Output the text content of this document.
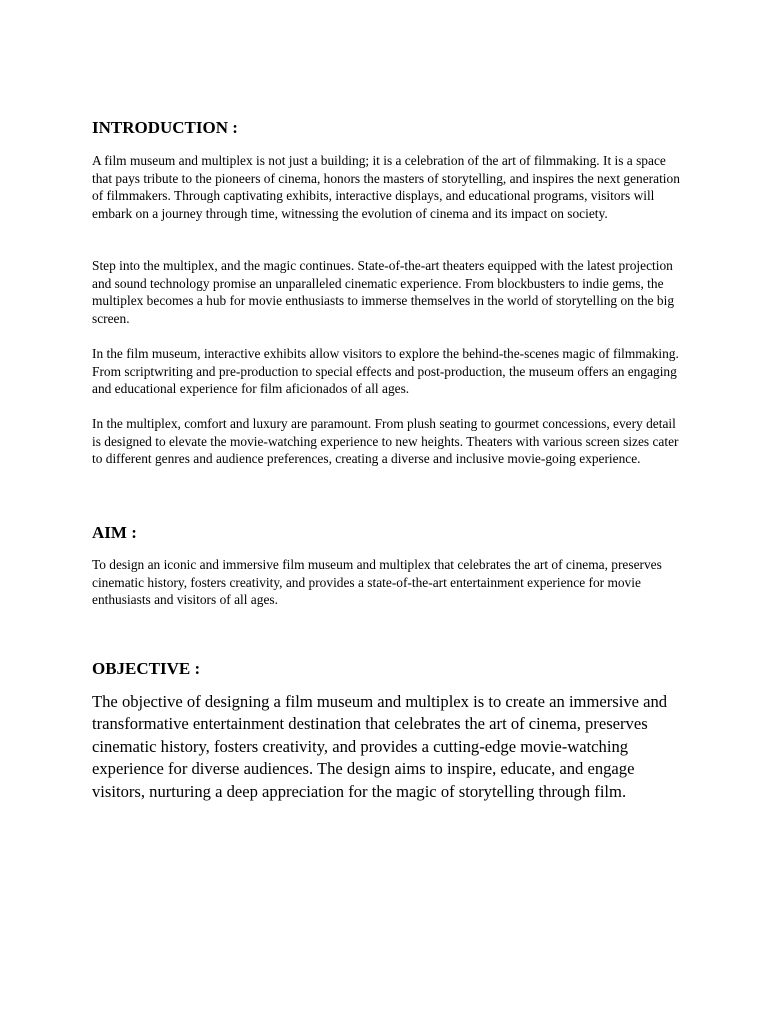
INTRODUCTION :

A film museum and multiplex is not just a building; it is a celebration of the art of filmmaking. It is a space that pays tribute to the pioneers of cinema, honors the masters of storytelling, and inspires the next generation of filmmakers. Through captivating exhibits, interactive displays, and educational programs, visitors will embark on a journey through time, witnessing the evolution of cinema and its impact on society.

Step into the multiplex, and the magic continues. State-of-the-art theaters equipped with the latest projection and sound technology promise an unparalleled cinematic experience. From blockbusters to indie gems, the multiplex becomes a hub for movie enthusiasts to immerse themselves in the world of storytelling on the big screen.

In the film museum, interactive exhibits allow visitors to explore the behind-the-scenes magic of filmmaking. From scriptwriting and pre-production to special effects and post-production, the museum offers an engaging and educational experience for film aficionados of all ages.

In the multiplex, comfort and luxury are paramount. From plush seating to gourmet concessions, every detail is designed to elevate the movie-watching experience to new heights. Theaters with various screen sizes cater to different genres and audience preferences, creating a diverse and inclusive movie-going experience.

AIM :

To design an iconic and immersive film museum and multiplex that celebrates the art of cinema, preserves cinematic history, fosters creativity, and provides a state-of-the-art entertainment experience for movie enthusiasts and visitors of all ages.

OBJECTIVE :

The objective of designing a film museum and multiplex is to create an immersive and transformative entertainment destination that celebrates the art of cinema, preserves cinematic history, fosters creativity, and provides a cutting-edge movie-watching experience for diverse audiences. The design aims to inspire, educate, and engage visitors, nurturing a deep appreciation for the magic of storytelling through film.
